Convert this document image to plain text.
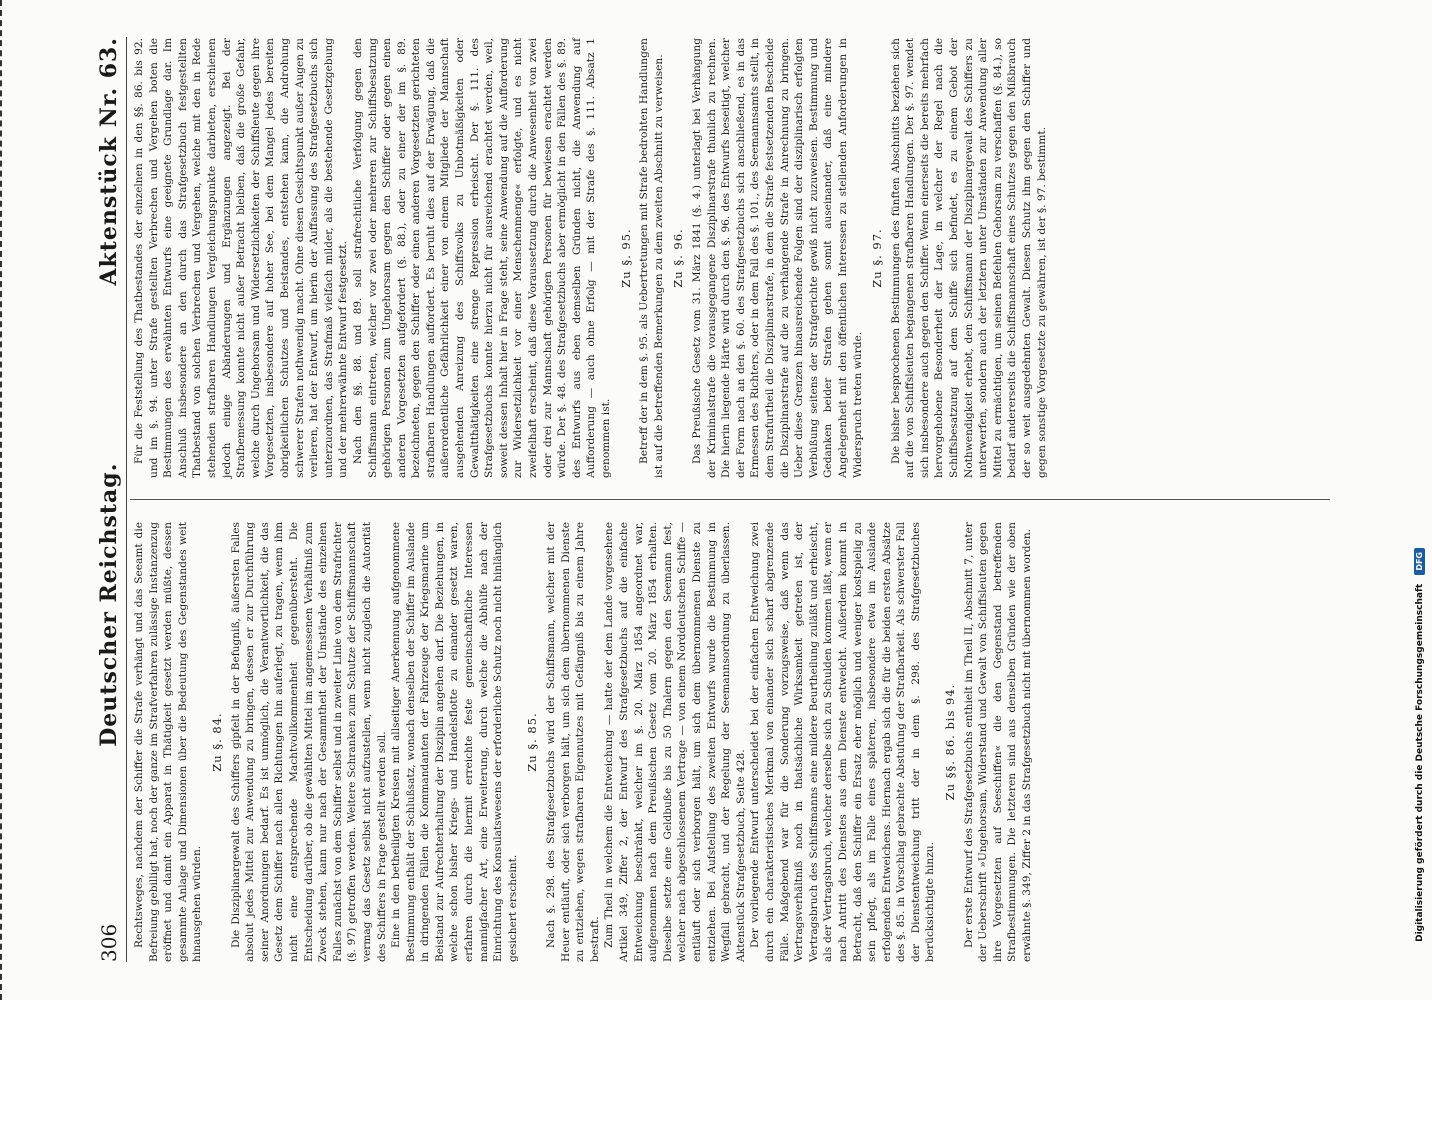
306
Deutscher Reichstag.
Aktenstück Nr. 63.

Rechtsweges, nachdem der Schiffer die Strafe verhängt und das Seeamt die Befreiung gebilligt hat, noch der ganze im Strafverfahren zulässige Instanzenzug eröffnet und damit ein Apparat in Thätigkeit gesetzt werden müßte, dessen gesammte Anlage und Dimensionen über die Bedeutung des Gegenstandes weit hinausgehen würden.

Zu §. 84. Die Disziplinargewalt des Schiffers gipfelt in der Befugniß, äußersten Falles absolut jedes Mittel zur Anwendung zu bringen, dessen er zur Durchführung seiner Anordnungen bedarf. Es ist unmöglich, die Verantwortlichkeit, die das Gesetz dem Schiffer nach allen Richtungen hin auferlegt, zu tragen, wenn ihm nicht eine entsprechende Machtvollkommenheit gegenübersteht. Die Entscheidung darüber, ob die gewählten Mittel im angemessenen Verhältniß zum Zweck stehen, kann nur nach der Gesammtheit der Umstände des einzelnen Falles zunächst von dem Schiffer selbst und in zweiter Linie von dem Strafrichter (§. 97) getroffen werden. Weitere Schranken zum Schutze der Schiffsmannschaft vermag das Gesetz selbst nicht aufzustellen, wenn nicht zugleich die Autorität des Schiffers in Frage gestellt werden soll. Eine in den betheiligten Kreisen mit allseitiger Anerkennung aufgenommene Bestimmung enthält der Schlußsatz, wonach denselben der Schiffer im Auslande in dringenden Fällen die Kommandanten der Fahrzeuge der Kriegsmarine um Beistand zur Aufrechterhaltung der Disziplin angehen darf. Die Beziehungen, in welche schon bisher Kriegs- und Handelsflotte zu einander gesetzt waren, erfahren durch die hiermit erreichte feste gemeinschaftliche Interessen mannigfacher Art, eine Erweiterung, durch welche die Abhülfe nach der Einrichtung des Konsulatswesens der erforderliche Schutz noch nicht hinlänglich gesichert erscheint.

Zu §. 85. Nach §. 298. des Strafgesetzbuchs wird der Schiffsmann, welcher mit der Heuer entläuft, oder sich verborgen hält, um sich dem übernommenen Dienste zu entziehen, wegen strafbaren Eigennutzes mit Gefängniß bis zu einem Jahre bestraft. Zum Theil in welchem die Entweichung — hatte der dem Lande vorgesehene Artikel 349, Ziffer 2, der Entwurf des Strafgesetzbuchs auf die einfache Entweichung beschränkt, welcher im §. 20. März 1854 angeordnet war, aufgenommen nach dem Preußischen Gesetz vom 20. März 1854 erhalten. Dieselbe setzte eine Geldbuße bis zu 50 Thalern gegen den Seemann fest, welcher nach abgeschlossenem Vertrage — von einem Norddeutschen Schiffe — entläuft oder sich verborgen hält, um sich dem übernommenen Dienste zu entziehen. Bei Aufstellung des zweiten Entwurfs wurde die Bestimmung in Wegfall gebracht, und der Regelung der Seemannsordnung zu überlassen. Aktenstück Strafgesetzbuch, Seite 428. Der vorliegende Entwurf unterscheidet bei der einfachen Entweichung zwei durch ein charakteristisches Merkmal von einander sich scharf abgrenzende Fälle. Maßgebend war für die Sonderung vorzugsweise, daß wenn das Vertragsverhältniß noch in thatsächliche Wirksamkeit getreten ist, der Vertragsbruch des Schiffsmanns eine mildere Beurtheilung zuläßt und erheischt, als der Vertragsbruch, welcher derselbe sich zu Schulden kommen läßt, wenn er nach Antritt des Dienstes aus dem Dienste entweicht. Außerdem kommt in Betracht, daß den Schiffer ein Ersatz eher möglich und weniger kostspielig zu sein pflegt, als im Falle eines späteren, insbesondere etwa im Auslande erfolgenden Entweichens. Hiernach ergab sich die für die beiden ersten Absätze des §. 85. in Vorschlag gebrachte Abstufung der Strafbarkeit. Als schwerster Fall der Dienstentweichung tritt der in dem §. 298. des Strafgesetzbuches berücksichtigte hinzu.

Zu §§. 86. bis 94. Der erste Entwurf des Strafgesetzbuchs enthielt im Theil II, Abschnitt 7, unter der Ueberschrift »Ungehorsam, Widerstand und Gewalt von Schiffsleuten gegen ihre Vorgesetzten auf Seeschiffen« die den Gegenstand betreffenden Strafbestimmungen. Die letzteren sind aus denselben Gründen wie der oben erwähnte §. 349, Ziffer 2 in das Strafgesetzbuch nicht mit übernommen worden.

Für die Feststellung des Thatbestandes der einzelnen in den §§. 86. bis 92. und im §. 94. unter Strafe gestellten Verbrechen und Vergehen boten die Bestimmungen des erwähnten Entwurfs eine geeignete Grundlage dar. Im Anschluß insbesondere an den durch das Strafgesetzbuch festgestellten Thatbestand von solchen Verbrechen und Vergehen, welche mit den in Rede stehenden strafbaren Handlungen Vergleichungspunkte darbieten, erschienen jedoch einige Abänderungen und Ergänzungen angezeigt. Bei der Strafbemessung konnte nicht außer Betracht bleiben, daß die große Gefahr, welche durch Ungehorsam und Widersetzlichkeiten der Schiffsleute gegen ihre Vorgesetzten, insbesondere auf hoher See, bei dem Mangel jedes bereiten obrigkeitlichen Schutzes und Beistandes, entstehen kann, die Androhung schwerer Strafen nothwendig macht. Ohne diesen Gesichtspunkt außer Augen zu verlieren, hat der Entwurf, um hierin der Auffassung des Strafgesetzbuchs sich unterzuordnen, das Strafmaß vielfach milder, als die bestehende Gesetzgebung und der mehrerwähnte Entwurf festgesetzt. Nach den §§. 88. und 89. soll strafrechtliche Verfolgung gegen den Schiffsmann eintreten, welcher vor zwei oder mehreren zur Schiffsbesatzung gehörigen Personen zum Ungehorsam gegen den Schiffer oder gegen einen anderen Vorgesetzten aufgefordert (§. 88.), oder zu einer der im §. 89. bezeichneten, gegen den Schiffer oder einen anderen Vorgesetzten gerichteten strafbaren Handlungen auffordert. Es beruht dies auf der Erwägung, daß die außerordentliche Gefährlichkeit einer von einem Mitgliede der Mannschaft ausgehenden Anreizung des Schiffsvolks zu Unbotmäßigkeiten oder Gewaltthätigkeiten eine strenge Repression erheischt. Der §. 111. des Strafgesetzbuchs konnte hierzu nicht für ausreichend erachtet werden, weil, soweit dessen Inhalt hier in Frage steht, seine Anwendung auf die Aufforderung zur Widersetzlichkeit vor einer Menschenmenge« erfolgte, und es nicht zweifelhaft erscheint, daß diese Voraussetzung durch die Anwesenheit von zwei oder drei zur Mannschaft gehörigen Personen für bewiesen erachtet werden würde. Der §. 48. des Strafgesetzbuchs aber ermöglicht in den Fällen des §. 89. des Entwurfs aus eben demselben Gründen nicht, die Anwendung auf Aufforderung — auch ohne Erfolg — mit der Strafe des §. 111. Absatz 1 genommen ist.

Zu §. 95. Betreff der in dem §. 95. als Uebertretungen mit Strafe bedrohten Handlungen ist auf die betreffenden Bemerkungen zu dem zweiten Abschnitt zu verweisen. Zu §. 96. Das Preußische Gesetz vom 31. März 1841 (§. 4.) unterlagt bei Verhängung der Kriminalstrafe die vorausgegangene Disziplinarstrafe thunlich zu rechnen. Die hierin liegende Härte wird durch den §. 96. des Entwurfs beseitigt, welcher der Form nach an den §. 60. des Strafgesetzbuchs sich anschließend, es in das Ermessen des Richters, oder in dem Fall des §. 101., des Seemannsamts stellt, in dem Strafurtheil die Disziplinarstrafe, in dem die Strafe festsetzenden Bescheide die Disziplinarstrafe auf die zu verhängende Strafe in Anrechnung zu bringen. Ueber diese Grenzen hinausreichende Folgen sind der disziplinarisch erfolgten Verbüßung seitens der Strafgerichte gewiß nicht zuzuweisen. Bestimmung und Gedanken beider Strafen gehen somit auseinander, daß eine mindere Angelegenheit mit den öffentlichen Interessen zu stellenden Anforderungen in Widerspruch treten würde.

Zu §. 97. Die bisher besprochenen Bestimmungen des fünften Abschnitts beziehen sich auf die von Schiffsleuten begangenen strafbaren Handlungen. Der §. 97. wendet sich insbesondere auch gegen den Schiffer. Wenn einerseits die bereits mehrfach hervorgehobene Besonderheit der Lage, in welcher der Regel nach die Schiffsbesatzung auf dem Schiffe sich befindet, es zu einem Gebot der Nothwendigkeit erhebt, den Schiffsmann der Disziplinargewalt des Schiffers zu unterwerfen, sondern auch der letztern unter Umständen zur Anwendung aller Mittel zu ermächtigen, um seinen Befehlen Gehorsam zu verschaffen (§. 84.), so bedarf andererseits die Schiffsmannschaft eines Schutzes gegen den Mißbrauch der so weit ausgedehnten Gewalt. Diesen Schutz ihm gegen den Schiffer und gegen sonstige Vorgesetzte zu gewähren, ist der §. 97. bestimmt.

Digitalisierung gefördert durch die Deutsche Forschungsgemeinschaft DFG
